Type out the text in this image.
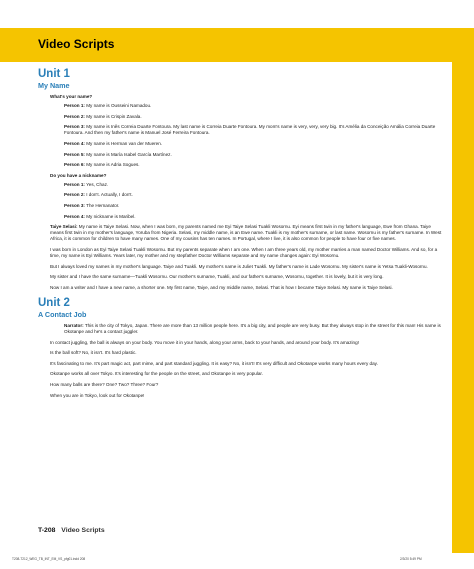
Video Scripts
Unit 1
My Name
What's your name?
Person 1: My name is Ousseini Namadou.
Person 2: My name is Crispin Zavala.
Person 3: My name is Inês Correia Duarte Fontoura. My last name is Correia Duarte Fontoura. My mom's name is very, very, very big. It's Amélia da Conceição Amália Correia Duarte Fontoura. And then my father's name is Manuel José Ferreira Fontoura.
Person 4: My name is Herman van der Mueren.
Person 5: My name is María Isabel García Martínez.
Person 6: My name is Adria Sogues.
Do you have a nickname?
Person 1: Yes, Chaz.
Person 2: I don't. Actually, I don't.
Person 3: The Hernanator.
Person 4: My nickname is Maribel.
Taiye Selasi: My name is Taiye Selasi. Now, when I was born, my parents named me Eyi Taiye Selasi Tuakli Wosornu. Eyi means first twin in my father's language, Ewe from Ghana. Taiye means first twin in my mother's language, Yoruba from Nigeria. Selasi, my middle name, is an Ewe name. Tuakli is my mother's surname, or last name. Wosornu is my father's surname. In West Africa, it is common for children to have many names. One of my cousins has ten names. In Portugal, where I live, it is also common for people to have four or five names.
I was born in London as Eyi Taiye Selasi Tuakli Wosornu. But my parents separate when I am one. When I am three years old, my mother marries a man named Doctor Williams. And so, for a time, my name is Eyi Williams. Years later, my mother and my stepfather Doctor Williams separate and my name changes again: Eyi Wosornu.
But I always loved my names in my mother's language. Taiye and Tuakli. My mother's name is Juliet Tuakli. My father's name is Lade Wosornu. My sister's name is Yetsa Tuakli-Wosornu.
My sister and I have the same surname—Tuakli Wosornu. Our mother's surname, Tuakli, and our father's surname, Wosornu, together. It is lovely, but it is very long.
Now I am a writer and I have a new name, a shorter one. My first name, Taiye, and my middle name, Selasi. That is how I became Taiye Selasi. My name is Taiye Selasi.
Unit 2
A Contact Job
Narrator: This is the city of Tokyo, Japan. There are more than 13 million people here. It's a big city, and people are very busy. But they always stop in the street for this man! His name is Okotanpe and he's a contact juggler.
In contact juggling, the ball is always on your body. You move it in your hands, along your arms, back to your hands, and around your body. It's amazing!
Is the ball soft? No, it isn't. It's hard plastic.
It's fascinating to me. It's part magic act, part mime, and part standard juggling. It is easy? No, it isn't! It's very difficult and Okotanpe works many hours every day.
Okotanpe works all over Tokyo. It's interesting for the people on the street, and Okotanpe is very popular.
How many balls are there? One? Two? Three? Four?
When you are in Tokyo, look out for Okotanpe!
T-208 Video Scripts
T208-T212_WEG_TB_INT_EM_VS_pfg01.indd 208	2/3/20 5:49 PM
